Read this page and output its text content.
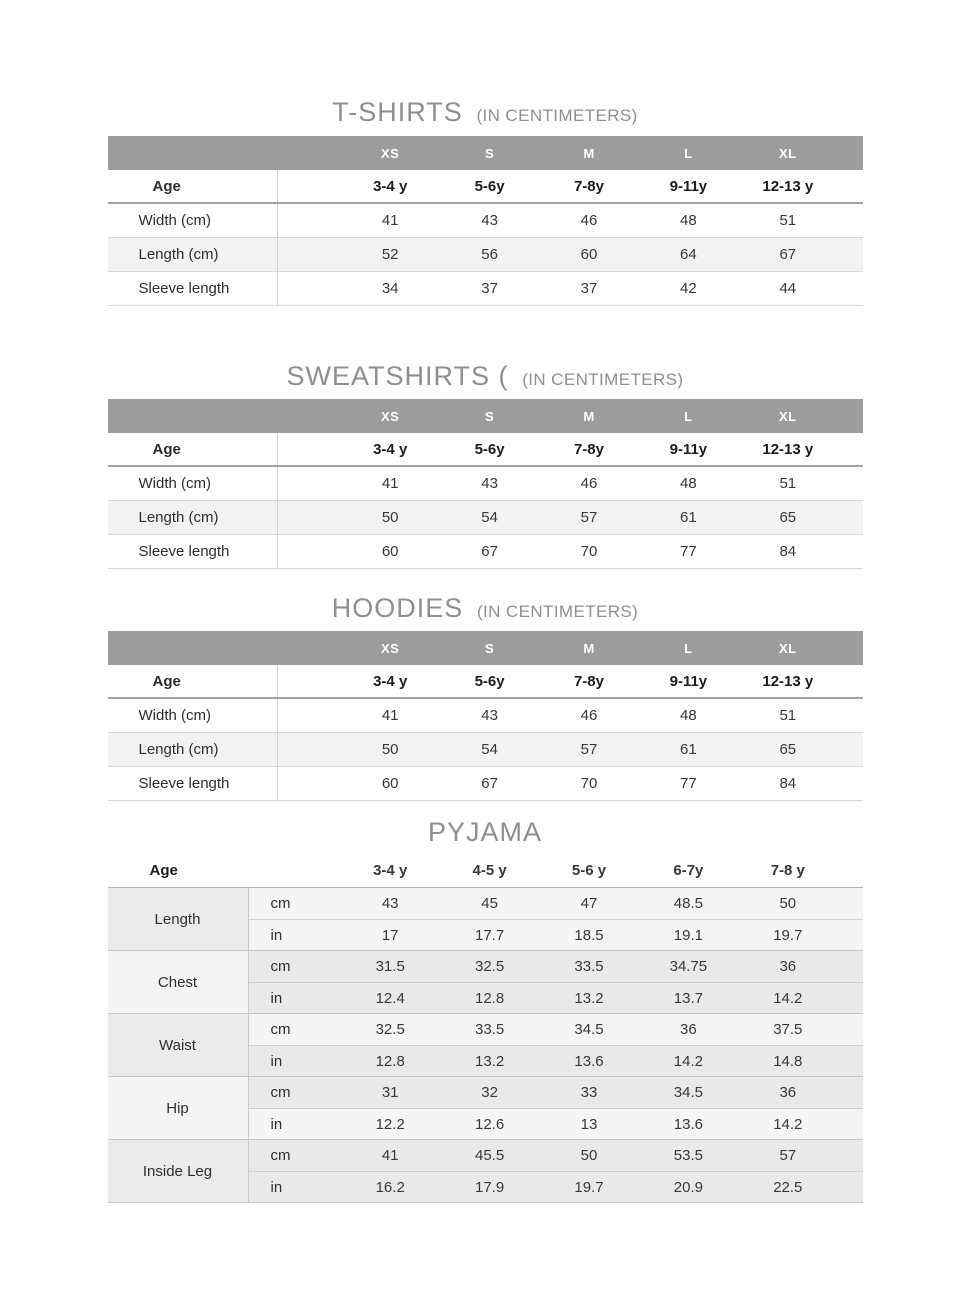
T-SHIRTS (IN CENTIMETERS)
XS	S	M	L	XL
Age	3-4 y	5-6y	7-8y	9-11y	12-13 y
Width (cm)	41	43	46	48	51
Length (cm)	52	56	60	64	67
Sleeve length	34	37	37	42	44
SWEATSHIRTS ( (IN CENTIMETERS)
XS	S	M	L	XL
Age	3-4 y	5-6y	7-8y	9-11y	12-13 y
Width (cm)	41	43	46	48	51
Length (cm)	50	54	57	61	65
Sleeve length	60	67	70	77	84
HOODIES (IN CENTIMETERS)
XS	S	M	L	XL
Age	3-4 y	5-6y	7-8y	9-11y	12-13 y
Width (cm)	41	43	46	48	51
Length (cm)	50	54	57	61	65
Sleeve length	60	67	70	77	84
PYJAMA
Age	3-4 y	4-5 y	5-6 y	6-7y	7-8 y
Length
cm	43	45	47	48.5	50
in	17	17.7	18.5	19.1	19.7
Chest
cm	31.5	32.5	33.5	34.75	36
in	12.4	12.8	13.2	13.7	14.2
Waist
cm	32.5	33.5	34.5	36	37.5
in	12.8	13.2	13.6	14.2	14.8
Hip
cm	31	32	33	34.5	36
in	12.2	12.6	13	13.6	14.2
Inside Leg
cm	41	45.5	50	53.5	57
in	16.2	17.9	19.7	20.9	22.5
